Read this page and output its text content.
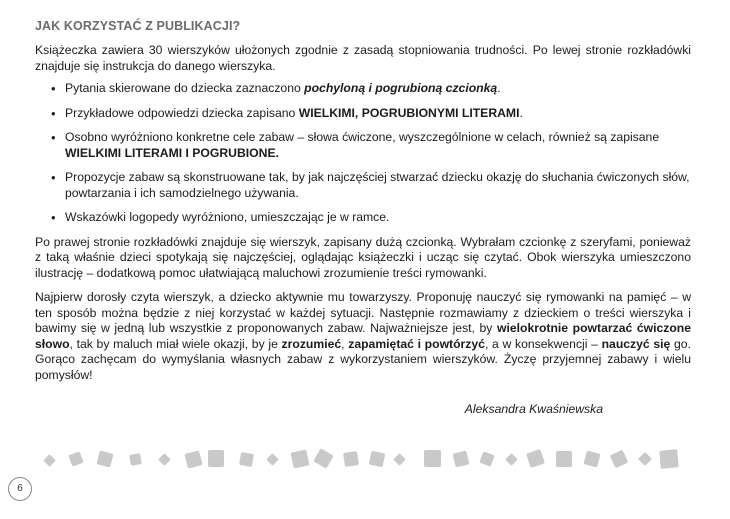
JAK KORZYSTAĆ Z PUBLIKACJI?

Książeczka zawiera 30 wierszyków ułożonych zgodnie z zasadą stopniowania trudności. Po lewej stronie rozkładówki znajduje się instrukcja do danego wierszyka.

• Pytania skierowane do dziecka zaznaczono pochyloną i pogrubioną czcionką.
• Przykładowe odpowiedzi dziecka zapisano WIELKIMI, POGRUBIONYMI LITERAMI.
• Osobno wyróżniono konkretne cele zabaw – słowa ćwiczone, wyszczególnione w celach, również są zapisane WIELKIMI LITERAMI I POGRUBIONE.
• Propozycje zabaw są skonstruowane tak, by jak najczęściej stwarzać dziecku okazję do słuchania ćwiczonych słów, powtarzania i ich samodzielnego używania.
• Wskazówki logopedy wyróżniono, umieszczając je w ramce.

Po prawej stronie rozkładówki znajduje się wierszyk, zapisany dużą czcionką. Wybrałam czcionkę z szeryfami, ponieważ z taką właśnie dzieci spotykają się najczęściej, oglądając książeczki i ucząc się czytać. Obok wierszyka umieszczono ilustrację – dodatkową pomoc ułatwiającą maluchowi zrozumienie treści rymowanki.

Najpierw dorosły czyta wierszyk, a dziecko aktywnie mu towarzyszy. Proponuję nauczyć się rymowanki na pamięć – w ten sposób można będzie z niej korzystać w każdej sytuacji. Następnie rozmawiamy z dzieckiem o treści wierszyka i bawimy się w jedną lub wszystkie z proponowanych zabaw. Najważniejsze jest, by wielokrotnie powtarzać ćwiczone słowo, tak by maluch miał wiele okazji, by je zrozumieć, zapamiętać i powtórzyć, a w konsekwencji – nauczyć się go. Gorąco zachęcam do wymyślania własnych zabaw z wykorzystaniem wierszyków. Życzę przyjemnej zabawy i wielu pomysłów!

Aleksandra Kwaśniewska
6
